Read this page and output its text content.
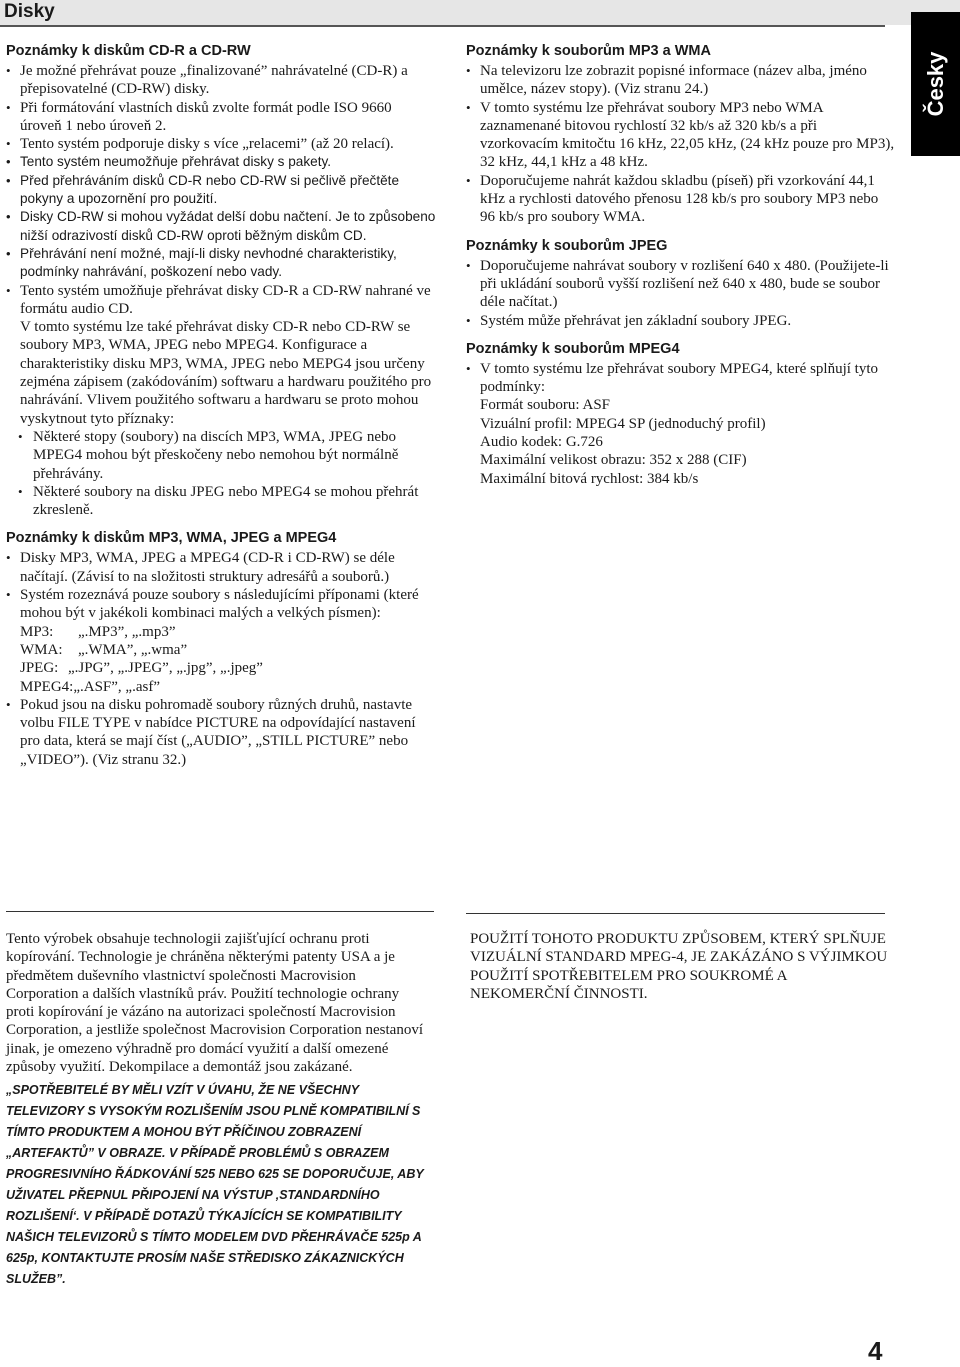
Disky
Česky
Poznámky k diskům CD-R a CD-RW
• Je možné přehrávat pouze „finalizované” nahrávatelné (CD-R) a přepisovatelné (CD-RW) disky.
• Při formátování vlastních disků zvolte formát podle ISO 9660 úroveň 1 nebo úroveň 2.
• Tento systém podporuje disky s více „relacemi” (až 20 relací).
• Tento systém neumožňuje přehrávat disky s pakety.
• Před přehráváním disků CD-R nebo CD-RW si pečlivě přečtěte pokyny a upozornění pro použití.
• Disky CD-RW si mohou vyžádat delší dobu načtení. Je to způsobeno nižší odrazivostí disků CD-RW oproti běžným diskům CD.
• Přehrávání není možné, mají-li disky nevhodné charakteristiky, podmínky nahrávání, poškození nebo vady.
• Tento systém umožňuje přehrávat disky CD-R a CD-RW nahrané ve formátu audio CD.

V tomto systému lze také přehrávat disky CD-R nebo CD-RW se soubory MP3, WMA, JPEG nebo MPEG4. Konfigurace a charakteristiky disku MP3, WMA, JPEG nebo MEPG4 jsou určeny zejména zápisem (zakódováním) softwaru a hardwaru použitého pro nahrávání. Vlivem použitého softwaru a hardwaru se proto mohou vyskytnout tyto příznaky:

• Některé stopy (soubory) na discích MP3, WMA, JPEG nebo MPEG4 mohou být přeskočeny nebo nemohou být normálně přehrávány.
• Některé soubory na disku JPEG nebo MPEG4 se mohou přehrát zkresleně.
Poznámky k diskům MP3, WMA, JPEG a MPEG4
• Disky MP3, WMA, JPEG a MPEG4 (CD-R i CD-RW) se déle načítají. (Závisí to na složitosti struktury adresářů a souborů.)
• Systém rozeznává pouze soubory s následujícími příponami (které mohou být v jakékoli kombinaci malých a velkých písmen):
MP3: „.MP3”, „.mp3”
WMA: „.WMA”, „.wma”
JPEG: „.JPG”, „.JPEG”, „.jpg”, „.jpeg”
MPEG4:„.ASF”, „.asf”
• Pokud jsou na disku pohromadě soubory různých druhů, nastavte volbu FILE TYPE v nabídce PICTURE na odpovídající nastavení pro data, která se mají číst („AUDIO”, „STILL PICTURE” nebo „VIDEO”). (Viz stranu 32.)
Poznámky k souborům MP3 a WMA
• Na televizoru lze zobrazit popisné informace (název alba, jméno umělce, název stopy). (Viz stranu 24.)
• V tomto systému lze přehrávat soubory MP3 nebo WMA zaznamenané bitovou rychlostí 32 kb/s až 320 kb/s a při vzorkovacím kmitočtu 16 kHz, 22,05 kHz, (24 kHz pouze pro MP3), 32 kHz, 44,1 kHz a 48 kHz.
• Doporučujeme nahrát každou skladbu (píseň) při vzorkování 44,1 kHz a rychlosti datového přenosu 128 kb/s pro soubory MP3 nebo 96 kb/s pro soubory WMA.
Poznámky k souborům JPEG
• Doporučujeme nahrávat soubory v rozlišení 640 x 480. (Použijete-li při ukládání souborů vyšší rozlišení než 640 x 480, bude se soubor déle načítat.)
• Systém může přehrávat jen základní soubory JPEG.
Poznámky k souborům MPEG4
• V tomto systému lze přehrávat soubory MPEG4, které splňují tyto podmínky:

Formát souboru: ASF

Vizuální profil: MPEG4 SP (jednoduchý profil)

Audio kodek: G.726

Maximální velikost obrazu: 352 x 288 (CIF)

Maximální bitová rychlost: 384 kb/s

Tento výrobek obsahuje technologii zajišťující ochranu proti kopírování. Technologie je chráněna některými patenty USA a je předmětem duševního vlastnictví společnosti Macrovision Corporation a dalších vlastníků práv. Použití technologie ochrany proti kopírování je vázáno na autorizaci společností Macrovision Corporation, a jestliže společnost Macrovision Corporation nestanoví jinak, je omezeno výhradně pro domácí využití a další omezené způsoby využití. Dekompilace a demontáž jsou zakázané.

„SPOTŘEBITELÉ BY MĚLI VZÍT V ÚVAHU, ŽE NE VŠECHNY TELEVIZORY S VYSOKÝM ROZLIŠENÍM JSOU PLNĚ KOMPATIBILNÍ S TÍMTO PRODUKTEM A MOHOU BÝT PŘÍČINOU ZOBRAZENÍ „ARTEFAKTŮ” V OBRAZE. V PŘÍPADĚ PROBLÉMŮ S OBRAZEM PROGRESIVNÍHO ŘÁDKOVÁNÍ 525 NEBO 625 SE DOPORUČUJE, ABY UŽIVATEL PŘEPNUL PŘIPOJENÍ NA VÝSTUP ‚STANDARDNÍHO ROZLIŠENÍ‘. V PŘÍPADĚ DOTAZŮ TÝKAJÍCÍCH SE KOMPATIBILITY NAŠICH TELEVIZORŮ S TÍMTO MODELEM DVD PŘEHRÁVAČE 525p A 625p, KONTAKTUJTE PROSÍM NAŠE STŘEDISKO ZÁKAZNICKÝCH SLUŽEB”.

POUŽITÍ TOHOTO PRODUKTU ZPŮSOBEM, KTERÝ SPLŇUJE VIZUÁLNÍ STANDARD MPEG-4, JE ZAKÁZÁNO S VÝJIMKOU POUŽITÍ SPOTŘEBITELEM PRO SOUKROMÉ A NEKOMERČNÍ ČINNOSTI.

4
